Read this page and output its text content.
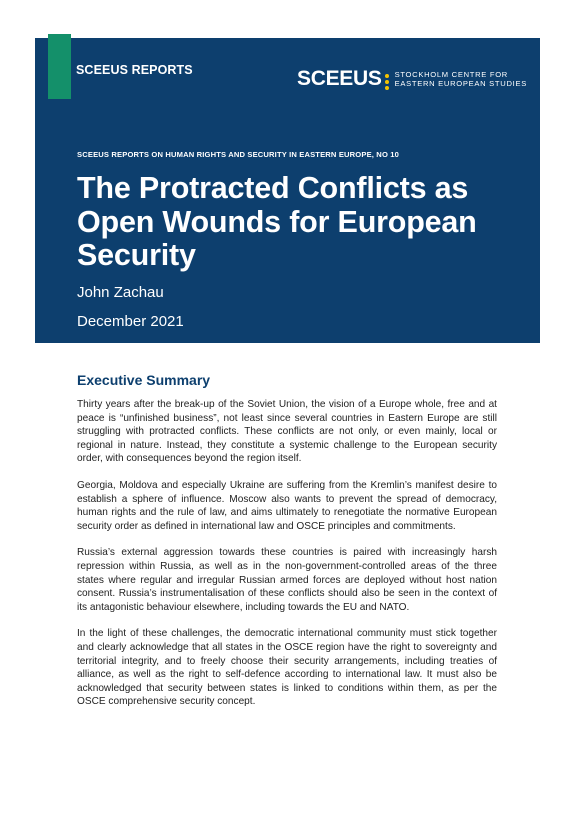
SCEEUS REPORTS	SCEEUS STOCKHOLM CENTRE FOR
EASTERN EUROPEAN STUDIES
SCEEUS REPORTS ON HUMAN RIGHTS AND SECURITY IN EASTERN EUROPE, NO 10
The Protracted Conflicts as
Open Wounds for European
Security
John Zachau
December 2021
Executive Summary

Thirty years after the break-up of the Soviet Union, the vision of a Europe whole, free and at peace is “unfinished business”, not least since several countries in Eastern Europe are still struggling with protracted conflicts. These conflicts are not only, or even mainly, local or regional in nature. Instead, they constitute a systemic challenge to the European security order, with consequences beyond the region itself.

Georgia, Moldova and especially Ukraine are suffering from the Kremlin’s manifest desire to establish a sphere of influence. Moscow also wants to prevent the spread of democracy, human rights and the rule of law, and aims ultimately to renegotiate the normative European security order as defined in international law and OSCE principles and commitments.

Russia’s external aggression towards these countries is paired with increasingly harsh repression within Russia, as well as in the non-government-controlled areas of the three states where regular and irregular Russian armed forces are deployed without host nation consent. Russia’s instrumentalisation of these conflicts should also be seen in the context of its antagonistic behaviour elsewhere, including towards the EU and NATO.

In the light of these challenges, the democratic international community must stick together and clearly acknowledge that all states in the OSCE region have the right to sovereignty and territorial integrity, and to freely choose their security arrangements, including treaties of alliance, as well as the right to self-defence according to international law. It must also be acknowledged that security between states is linked to conditions within them, as per the OSCE comprehensive security concept.
